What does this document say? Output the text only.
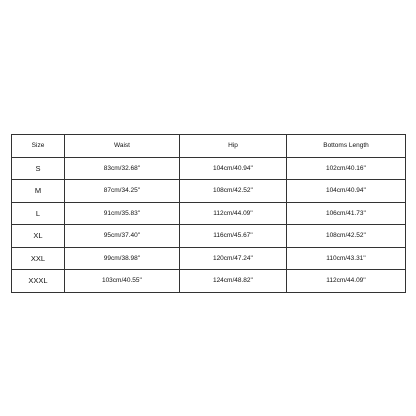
Size	Waist	Hip	Bottoms Length
S	83cm/32.68''	104cm/40.94''	102cm/40.16''
M	87cm/34.25''	108cm/42.52''	104cm/40.94''
L	91cm/35.83''	112cm/44.09''	106cm/41.73''
XL	95cm/37.40''	116cm/45.67''	108cm/42.52''
XXL	99cm/38.98''	120cm/47.24''	110cm/43.31''
XXXL	103cm/40.55''	124cm/48.82''	112cm/44.09''
